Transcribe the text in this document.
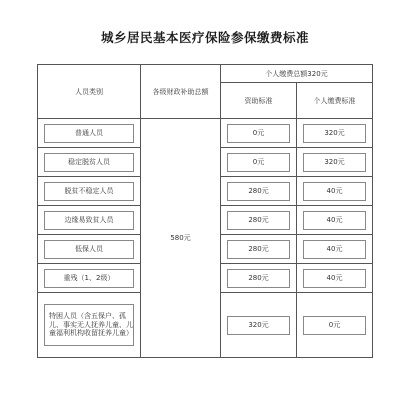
城乡居民基本医疗保险参保缴费标准
人员类别	各级财政补助总额	个人缴费总额320元	
		资助标准	个人缴费标准

普通人员	580元	0元	320元

稳定脱贫人员		0元	320元

脱贫不稳定人员		280元	40元

边缘易致贫人员		280元	40元

低保人员		280元	40元

重残（1、2级）		280元	40元

特困人员（含五保户、孤儿、事实无人抚养儿童、儿童福利机构收留抚养儿童）		320元	0元
